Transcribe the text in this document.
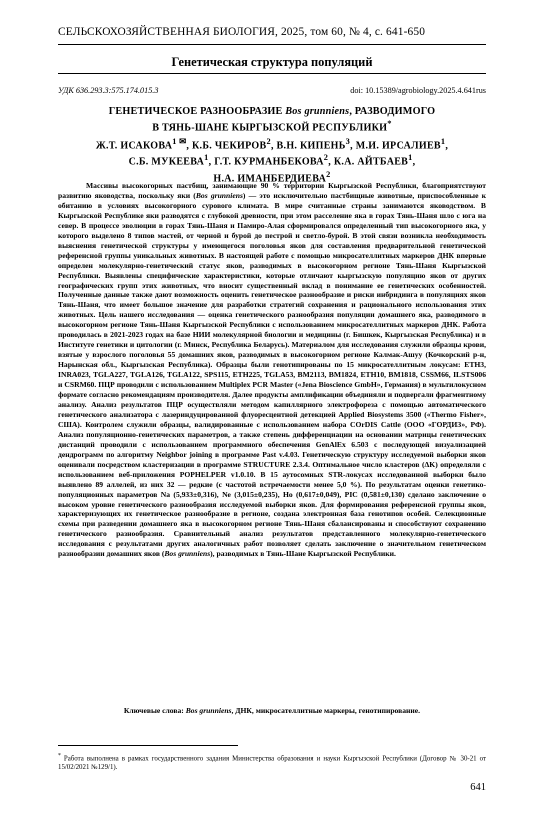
СЕЛЬСКОХОЗЯЙСТВЕННАЯ БИОЛОГИЯ, 2025, том 60, № 4, с. 641-650
Генетическая структура популяций
УДК 636.293.3:575.174.015.3	doi: 10.15389/agrobiology.2025.4.641rus
ГЕНЕТИЧЕСКОЕ РАЗНООБРАЗИЕ Bos grunniens, РАЗВОДИМОГО
В ТЯНЬ-ШАНЕ КЫРГЫЗСКОЙ РЕСПУБЛИКИ*
Ж.Т. $ИСАКОВА^{1 ✉}$, К.Б. ЧЕКИРОВ$^2$, В.Н. КИПЕНЬ$^3$, М.И. ИРСАЛИЕВ$^1$,
С.Б. МУКЕЕВА$^1$, Г.Т. КУРМАНБЕКОВА$^2$, К.А. АЙТБАЕВ$^1$,
Н.А. ИМАНБЕРДИЕВА$^2$
Массивы высокогорных пастбищ, занимающие 90 % территории Кыргызской Республики, благоприятствуют развитию яководства, поскольку яки (Bos grunniens) — это исключительно пастбищные животные, приспособленные к обитанию в условиях высокогорного сурового климата. В мире считанные страны занимаются яководством. В Кыргызской Республике яки разводятся с глубокой древности, при этом расселение яка в горах Тянь-Шаня шло с юга на север. В процессе эволюции в горах Тянь-Шаня и Памиро-Алая сформировался определенный тип высокогорного яка, у которого выделено 8 типов мастей, от черной и бурой до пестрой и светло-бурой. В этой связи возникла необходимость выяснения генетической структуры у имеющегося поголовья яков для составления предварительной генетической референсной группы уникальных животных. В настоящей работе с помощью микросателлитных маркеров ДНК впервые определен молекулярно-генетический статус яков, разводимых в высокогорном регионе Тянь-Шаня Кыргызской Республики. Выявлены специфические характеристики, которые отличают кыргызскую популяцию яков от других географических групп этих животных, что вносит существенный вклад в понимание ее генетических особенностей. Полученные данные также дают возможность оценить генетическое разнообразие и риски инбридинга в популяциях яков Тянь-Шаня, что имеет большое значение для разработки стратегий сохранения и рационального использования этих животных. Цель нашего исследования — оценка генетического разнообразия популяции домашнего яка, разводимого в высокогорном регионе Тянь-Шаня Кыргызской Республики с использованием микросателлитных маркеров ДНК. Работа проводилась в 2021-2023 годах на базе НИИ молекулярной биологии и медицины (г. Бишкек, Кыргызская Республика) и в Институте генетики и цитологии (г. Минск, Республика Беларусь). Материалом для исследования служили образцы крови, взятые у взрослого поголовья 55 домашних яков, разводимых в высокогорном регионе Калмак-Ашуу (Кочкорский р-н, Нарынская обл., Кыргызская Республика). Образцы были генотипированы по 15 микросателлитным локусам: ETH3, INRA023, TGLA227, TGLA126, TGLA122, SPS115, ETH225, TGLA53, BM2113, BM1824, ETH10, BM1818, CSSM66, ILSTS006 и CSRM60. ПЦР проводили с использованием Multiplex PCR Master («Jena Bioscience GmbH», Германия) в мультилокусном формате согласно рекомендациям производителя. Далее продукты амплификации объединяли и подвергали фрагментному анализу. Анализ результатов ПЦР осуществляли методом капиллярного электрофореза с помощью автоматического генетического анализатора с лазериндуцированной флуоресцентной детекцией Applied Biosystems 3500 («Thermo Fisher», США). Контролем служили образцы, валидированные с использованием набора COrDIS Cattle (ООО «ГОРДИЗ», РФ). Анализ популяционно-генетических параметров, а также степень дифференциации на основании матрицы генетических дистанций проводили с использованием программного обеспечения GenAlEx 6.503 с последующей визуализацией дендрограмм по алгоритму Neighbor joining в программе Past v.4.03. Генетическую структуру исследуемой выборки яков оценивали посредством кластеризации в программе STRUCTURE 2.3.4. Оптимальное число кластеров (ΔK) определяли с использованием веб-приложения POPHELPER v1.0.10. В 15 аутосомных STR-локусах исследованной выборки было выявлено 89 аллелей, из них 32 — редкие (с частотой встречаемости менее 5,0 %). По результатам оценки генетико-популяционных параметров Na (5,933±0,316), Ne (3,015±0,235), Ho (0,617±0,049), PIC (0,581±0,130) сделано заключение о высоком уровне генетического разнообразия исследуемой выборки яков. Для формирования референсной группы яков, характеризующих их генетическое разнообразие в регионе, создана электронная база генотипов особей. Селекционные схемы при разведении домашнего яка в высокогорном регионе Тянь-Шаня сбалансированы и способствуют сохранению генетического разнообразия. Сравнительный анализ результатов представленного молекулярно-генетического исследования с результатами других аналогичных работ позволяет сделать заключение о значительном генетическом разнообразии домашних яков (Bos grunniens), разводимых в Тянь-Шане Кыргызской Республики.
Ключевые слова: Bos grunniens, ДНК, микросателлитные маркеры, генотипирование.
* Работа выполнена в рамках государственного задания Министерства образования и науки Кыргызской Республики (Договор № 30-21 от 15/02/2021 №129/1).
641
